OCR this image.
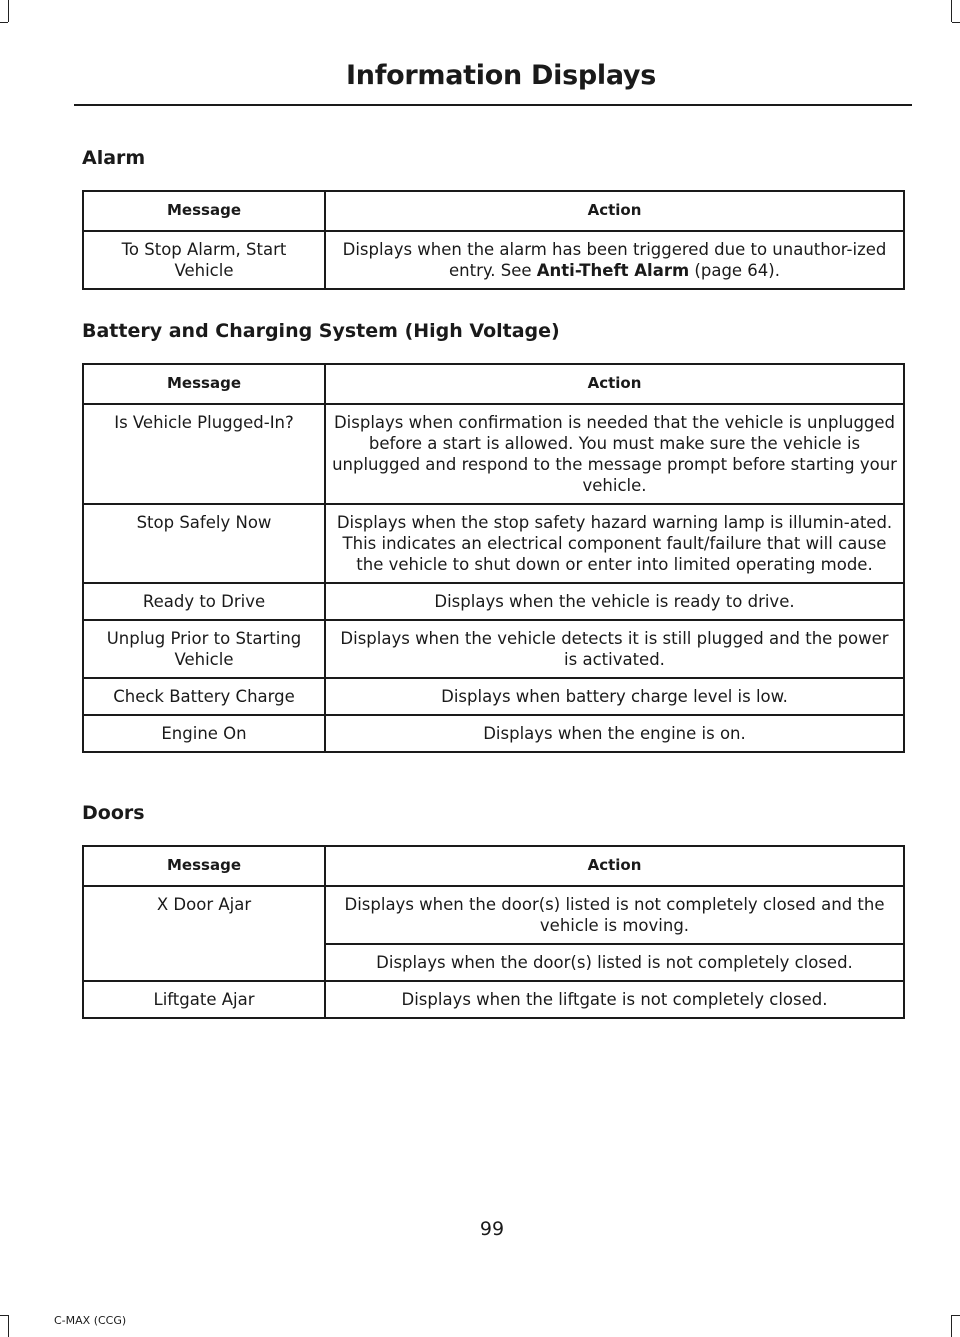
Information Displays
Alarm
Message	Action
To Stop Alarm, Start Vehicle	Displays when the alarm has been triggered due to unauthor-ized entry. See Anti-Theft Alarm (page 64).
Battery and Charging System (High Voltage)
Message	Action
Is Vehicle Plugged-In?	Displays when confirmation is needed that the vehicle is unplugged before a start is allowed. You must make sure the vehicle is unplugged and respond to the message prompt before starting your vehicle.
Stop Safely Now	Displays when the stop safety hazard warning lamp is illumin-ated. This indicates an electrical component fault/failure that will cause the vehicle to shut down or enter into limited operating mode.
Ready to Drive	Displays when the vehicle is ready to drive.
Unplug Prior to Starting Vehicle	Displays when the vehicle detects it is still plugged and the power is activated.
Check Battery Charge	Displays when battery charge level is low.
Engine On	Displays when the engine is on.
Doors
Message	Action
X Door Ajar	Displays when the door(s) listed is not completely closed and the vehicle is moving.
	Displays when the door(s) listed is not completely closed.
Liftgate Ajar	Displays when the liftgate is not completely closed.
99
C-MAX (CCG)
